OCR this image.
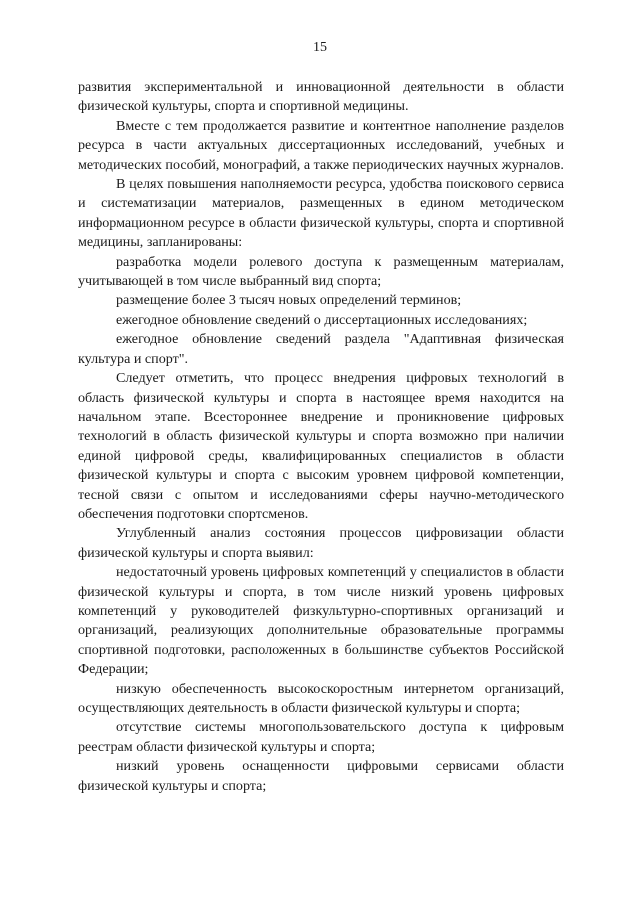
15

развития экспериментальной и инновационной деятельности в области физической культуры, спорта и спортивной медицины.

Вместе с тем продолжается развитие и контентное наполнение разделов ресурса в части актуальных диссертационных исследований, учебных и методических пособий, монографий, а также периодических научных журналов.

В целях повышения наполняемости ресурса, удобства поискового сервиса и систематизации материалов, размещенных в едином методическом информационном ресурсе в области физической культуры, спорта и спортивной медицины, запланированы:

разработка модели ролевого доступа к размещенным материалам, учитывающей в том числе выбранный вид спорта;

размещение более 3 тысяч новых определений терминов;

ежегодное обновление сведений о диссертационных исследованиях;

ежегодное обновление сведений раздела "Адаптивная физическая культура и спорт".

Следует отметить, что процесс внедрения цифровых технологий в область физической культуры и спорта в настоящее время находится на начальном этапе. Всестороннее внедрение и проникновение цифровых технологий в область физической культуры и спорта возможно при наличии единой цифровой среды, квалифицированных специалистов в области физической культуры и спорта с высоким уровнем цифровой компетенции, тесной связи с опытом и исследованиями сферы научно-методического обеспечения подготовки спортсменов.

Углубленный анализ состояния процессов цифровизации области физической культуры и спорта выявил:

недостаточный уровень цифровых компетенций у специалистов в области физической культуры и спорта, в том числе низкий уровень цифровых компетенций у руководителей физкультурно-спортивных организаций и организаций, реализующих дополнительные образовательные программы спортивной подготовки, расположенных в большинстве субъектов Российской Федерации;

низкую обеспеченность высокоскоростным интернетом организаций, осуществляющих деятельность в области физической культуры и спорта;

отсутствие системы многопользовательского доступа к цифровым реестрам области физической культуры и спорта;

низкий уровень оснащенности цифровыми сервисами области физической культуры и спорта;
